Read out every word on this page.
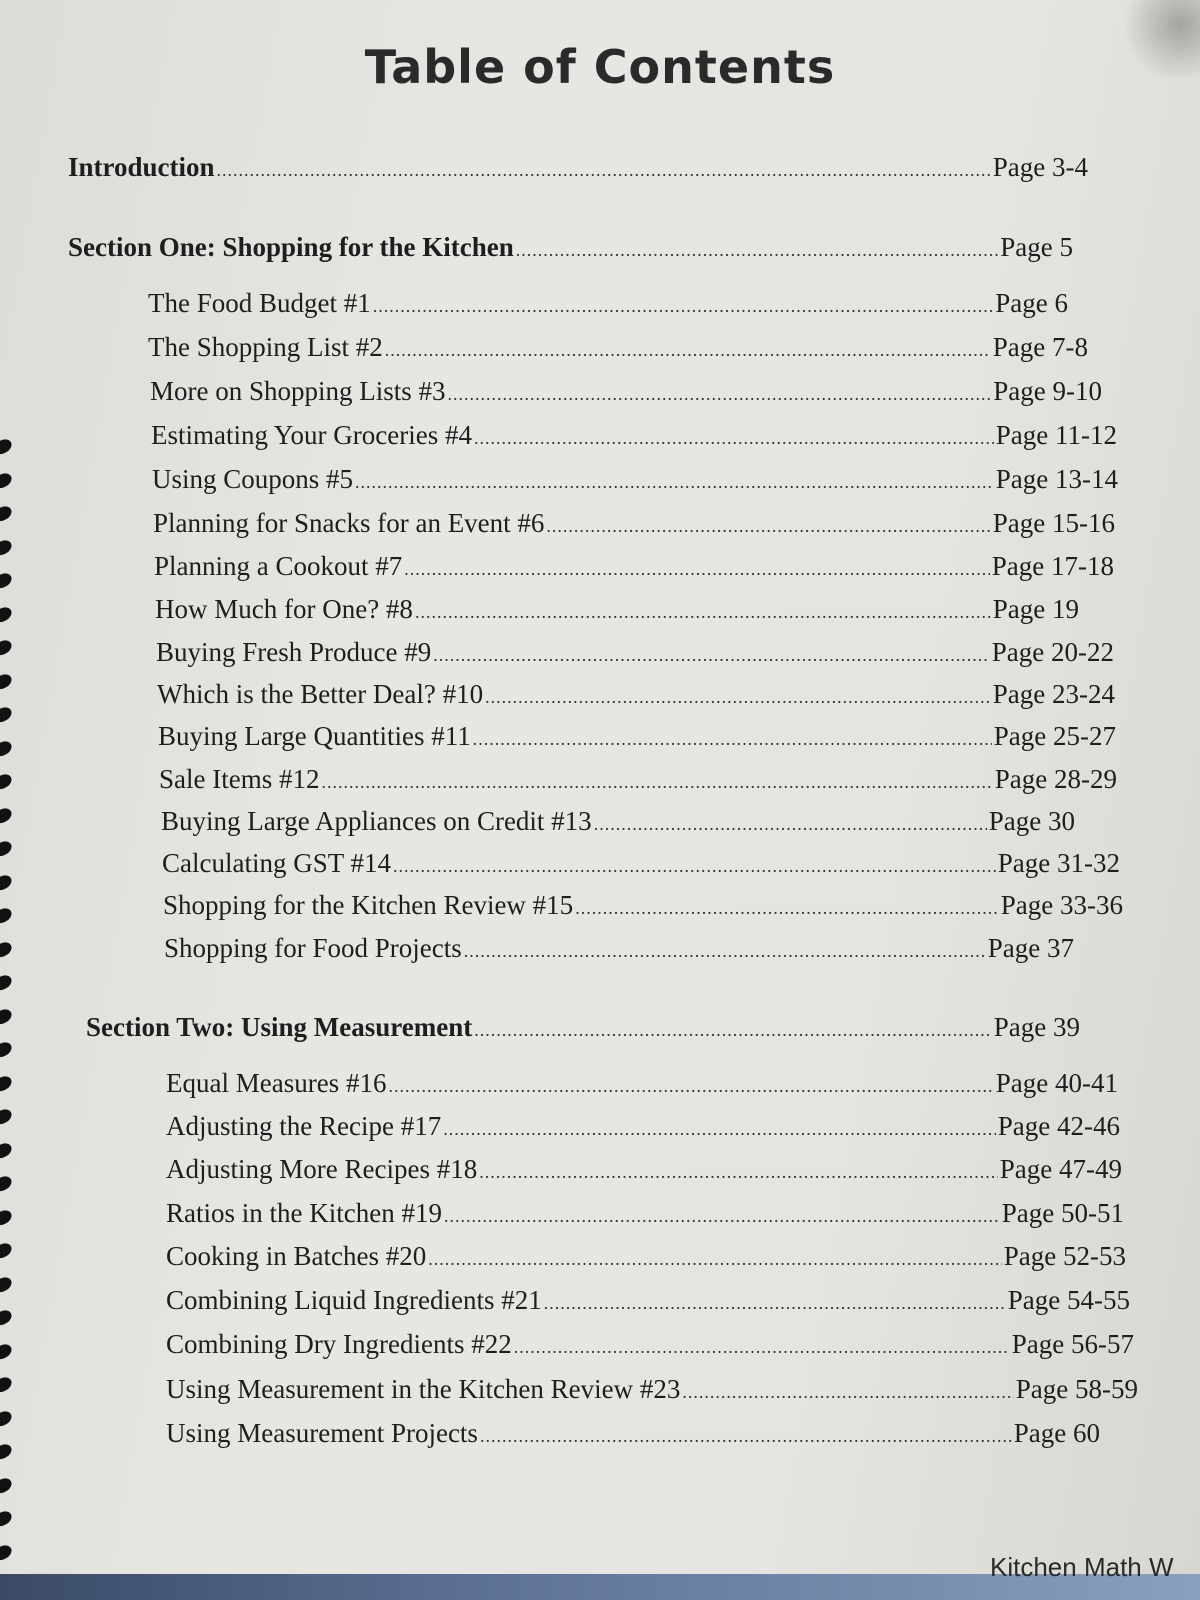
Table of Contents
Introduction .....	Page 3-4
Section One: Shopping for the Kitchen .....	Page 5
The Food Budget #1 .....	Page 6
The Shopping List #2 .....	Page 7-8
More on Shopping Lists #3 .....	Page 9-10
Estimating Your Groceries #4 .....	Page 11-12
Using Coupons #5 .....	Page 13-14
Planning for Snacks for an Event #6 .....	Page 15-16
Planning a Cookout #7 .....	Page 17-18
How Much for One? #8 .....	Page 19
Buying Fresh Produce #9 .....	Page 20-22
Which is the Better Deal? #10 .....	Page 23-24
Buying Large Quantities #11 .....	Page 25-27
Sale Items #12 .....	Page 28-29
Buying Large Appliances on Credit #13 .....	Page 30
Calculating GST #14 .....	Page 31-32
Shopping for the Kitchen Review #15 .....	Page 33-36
Shopping for Food Projects .....	Page 37
Section Two: Using Measurement .....	Page 39
Equal Measures #16 .....	Page 40-41
Adjusting the Recipe #17 .....	Page 42-46
Adjusting More Recipes #18 .....	Page 47-49
Ratios in the Kitchen #19 .....	Page 50-51
Cooking in Batches #20 .....	Page 52-53
Combining Liquid Ingredients #21 .....	Page 54-55
Combining Dry Ingredients #22 .....	Page 56-57
Using Measurement in the Kitchen Review #23 .....	Page 58-59
Using Measurement Projects .....	Page 60
Kitchen Math W
